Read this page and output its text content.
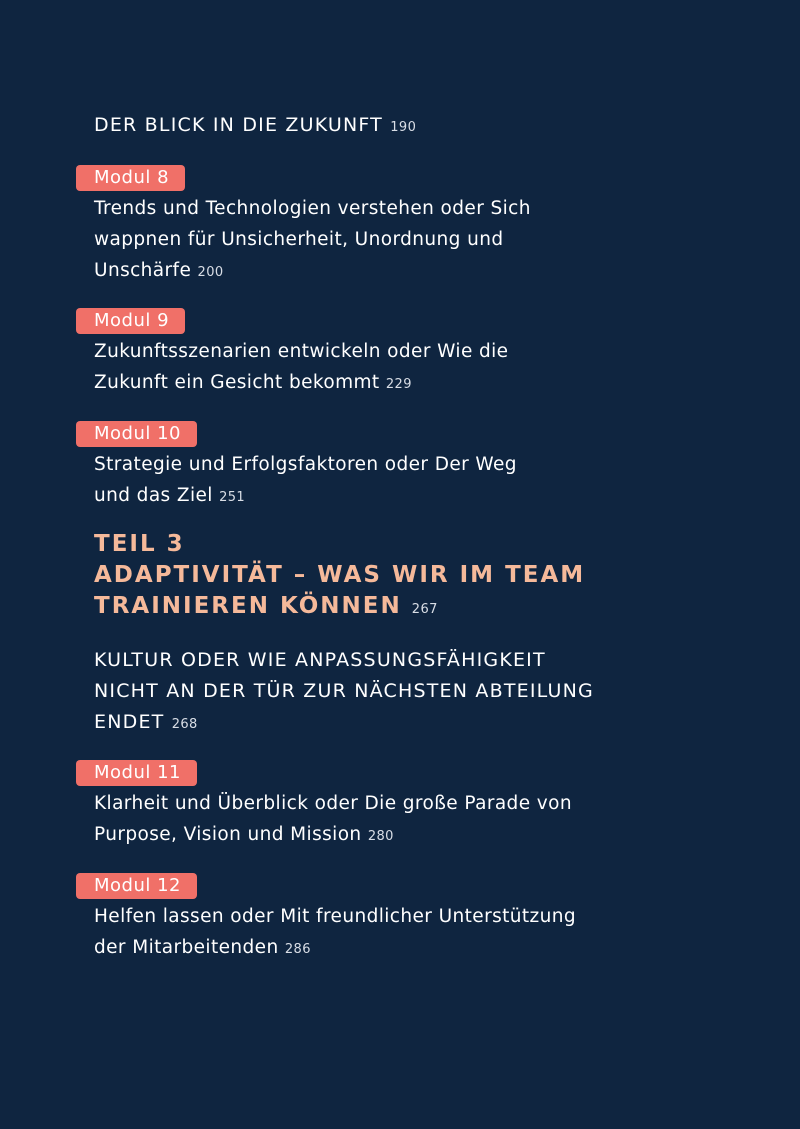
DER BLICK IN DIE ZUKUNFT 190
Modul 8
Trends und Technologien verstehen oder Sich
wappnen für Unsicherheit, Unordnung und
Unschärfe 200
Modul 9
Zukunftsszenarien entwickeln oder Wie die
Zukunft ein Gesicht bekommt 229
Modul 10
Strategie und Erfolgsfaktoren oder Der Weg
und das Ziel 251
TEIL 3
ADAPTIVITÄT – WAS WIR IM TEAM
TRAINIEREN KÖNNEN 267
KULTUR ODER WIE ANPASSUNGSFÄHIGKEIT
NICHT AN DER TÜR ZUR NÄCHSTEN ABTEILUNG
ENDET 268
Modul 11
Klarheit und Überblick oder Die große Parade von
Purpose, Vision und Mission 280
Modul 12
Helfen lassen oder Mit freundlicher Unterstützung
der Mitarbeitenden 286
